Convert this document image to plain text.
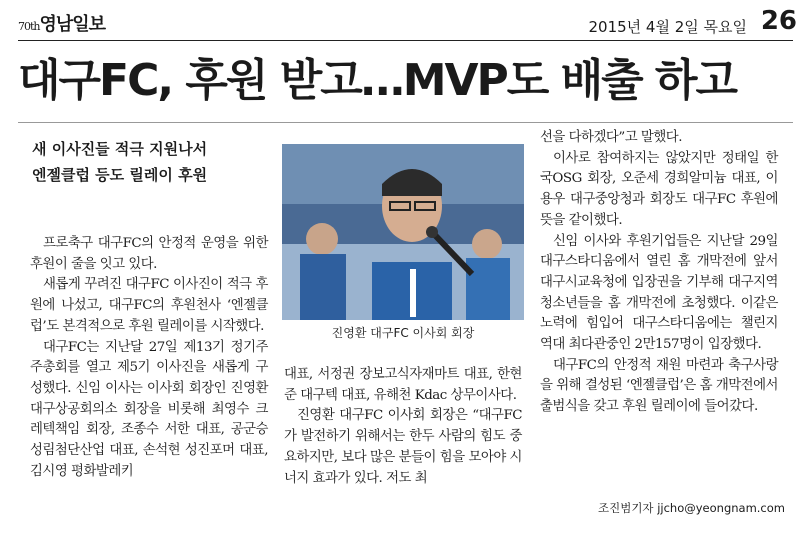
70th영남일보	2015년 4월 2일 목요일 26
대구FC, 후원 받고…MVP도 배출 하고
새 이사진들 적극 지원나서
엔젤클럽 등도 릴레이 후원

프로축구 대구FC의 안정적 운영을 위한 후원이 줄을 잇고 있다.

새롭게 꾸려진 대구FC 이사진이 적극 후원에 나섰고, 대구FC의 후원천사 ‘엔젤클럽’도 본격적으로 후원 릴레이를 시작했다.

대구FC는 지난달 27일 제13기 정기주주총회를 열고 제5기 이사진을 새롭게 구성했다. 신임 이사는 이사회 회장인 진영환 대구상공회의소 회장을 비롯해 최영수 크레텍책임 회장, 조종수 서한 대표, 공군승 성림첨단산업 대표, 손석현 성진포머 대표, 김시영 평화발레키

진영환 대구FC 이사회 회장

대표, 서정권 장보고식자재마트 대표, 한현준 대구텍 대표, 유해천 Kdac 상무이사다.

진영환 대구FC 이사회 회장은 “대구FC가 발전하기 위해서는 한두 사람의 힘도 중요하지만, 보다 많은 분들이 힘을 모아야 시너지 효과가 있다. 저도 최

선을 다하겠다”고 말했다.

이사로 참여하지는 않았지만 정태일 한국OSG 회장, 오준세 경희알미늄 대표, 이용우 대구중앙청과 회장도 대구FC 후원에 뜻을 같이했다.

신임 이사와 후원기업들은 지난달 29일 대구스타디움에서 열린 홈 개막전에 앞서 대구시교육청에 입장권을 기부해 대구지역 청소년들을 홈 개막전에 초청했다. 이같은 노력에 힘입어 대구스타디움에는 챌린지 역대 최다관중인 2만157명이 입장했다.

대구FC의 안정적 재원 마련과 축구사랑을 위해 결성된 ‘엔젤클럽’은 홈 개막전에서 출범식을 갖고 후원 릴레이에 들어갔다.

조진범기자 jjcho@yeongnam.com
